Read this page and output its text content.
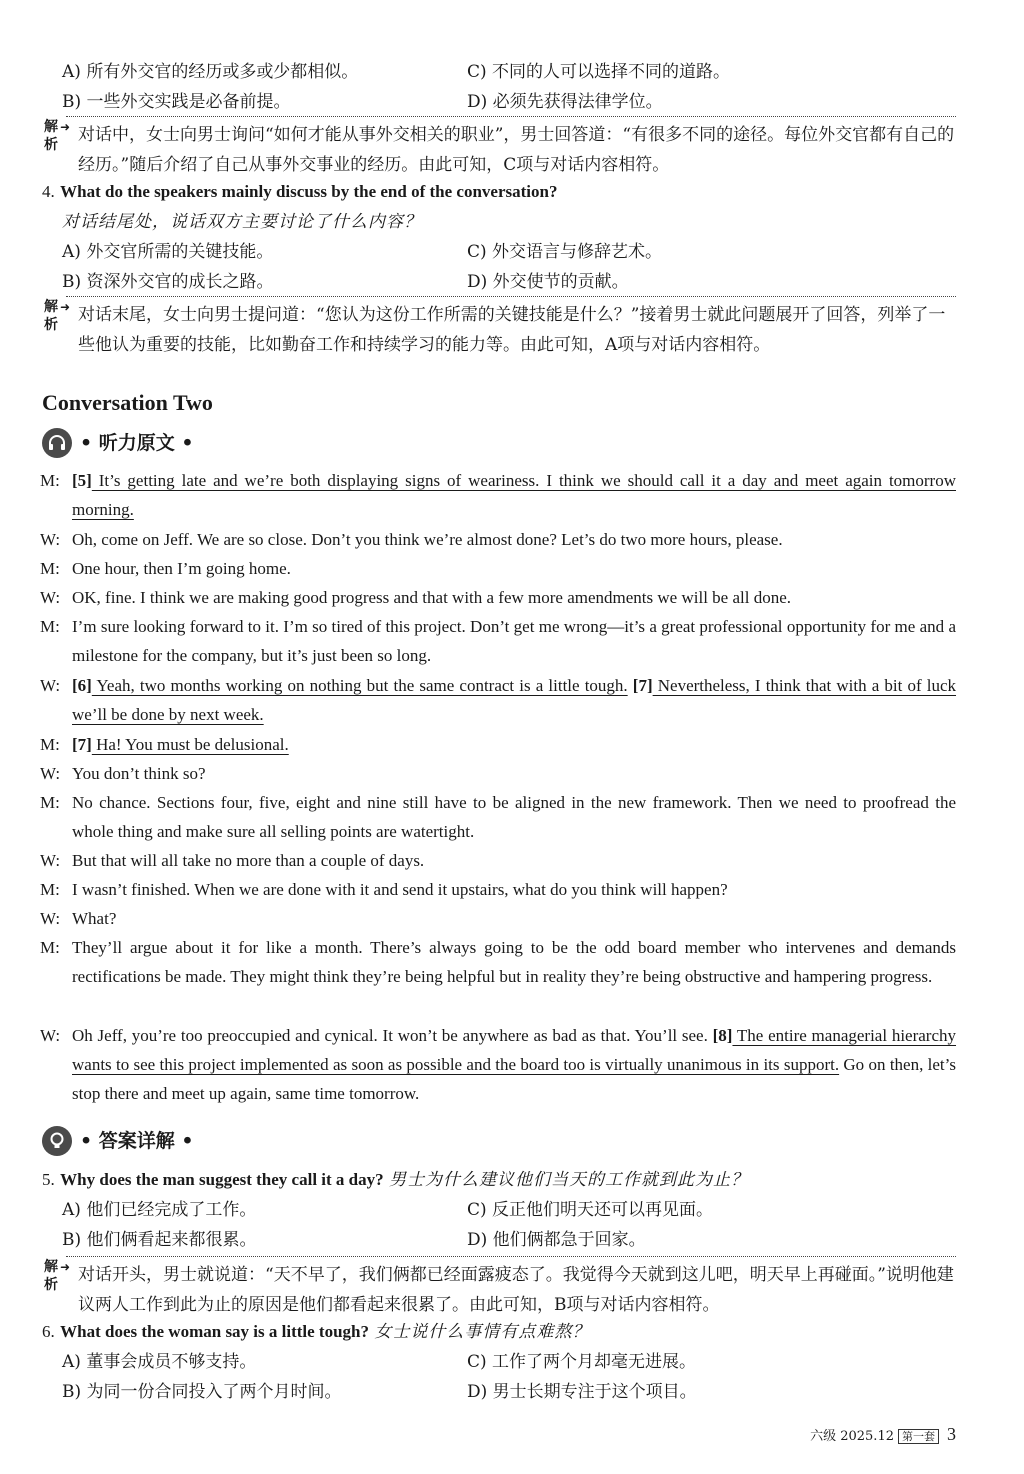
A) 所有外交官的经历或多或少都相似。	C) 不同的人可以选择不同的道路。
B) 一些外交实践是必备前提。	D) 必须先获得法律学位。
解析
➜ 对话中，女士向男士询问“如何才能从事外交相关的职业”，男士回答道：“有很多不同的途径。每位外交官都有自己的经历。”随后介绍了自己从事外交事业的经历。由此可知，C项与对话内容相符。
4. What do the speakers mainly discuss by the end of the conversation?
对话结尾处，说话双方主要讨论了什么内容？
A) 外交官所需的关键技能。	C) 外交语言与修辞艺术。
B) 资深外交官的成长之路。	D) 外交使节的贡献。
解析
➜ 对话末尾，女士向男士提问道：“您认为这份工作所需的关键技能是什么？”接着男士就此问题展开了回答，列举了一些他认为重要的技能，比如勤奋工作和持续学习的能力等。由此可知，A项与对话内容相符。
Conversation Two
• 听力原文 •
M: [5] It’s getting late and we’re both displaying signs of weariness. I think we should call it a day and meet again tomorrow morning.
W: Oh, come on Jeff. We are so close. Don’t you think we’re almost done? Let’s do two more hours, please.
M: One hour, then I’m going home.
W: OK, fine. I think we are making good progress and that with a few more amendments we will be all done.
M: I’m sure looking forward to it. I’m so tired of this project. Don’t get me wrong—it’s a great professional opportunity for me and a milestone for the company, but it’s just been so long.
W: [6] Yeah, two months working on nothing but the same contract is a little tough. [7] Nevertheless, I think that with a bit of luck we’ll be done by next week.
M: [7] Ha! You must be delusional.
W: You don’t think so?
M: No chance. Sections four, five, eight and nine still have to be aligned in the new framework. Then we need to proofread the whole thing and make sure all selling points are watertight.
W: But that will all take no more than a couple of days.
M: I wasn’t finished. When we are done with it and send it upstairs, what do you think will happen?
W: What?
M: They’ll argue about it for like a month. There’s always going to be the odd board member who intervenes and demands rectifications be made. They might think they’re being helpful but in reality they’re being obstructive and hampering progress.
W: Oh Jeff, you’re too preoccupied and cynical. It won’t be anywhere as bad as that. You’ll see. [8] The entire managerial hierarchy wants to see this project implemented as soon as possible and the board too is virtually unanimous in its support. Go on then, let’s stop there and meet up again, same time tomorrow.
• 答案详解 •
5. Why does the man suggest they call it a day? 男士为什么建议他们当天的工作就到此为止？
A) 他们已经完成了工作。	C) 反正他们明天还可以再见面。
B) 他们俩看起来都很累。	D) 他们俩都急于回家。
解析
➜ 对话开头，男士就说道：“天不早了，我们俩都已经面露疲态了。我觉得今天就到这儿吧，明天早上再碰面。”说明他建议两人工作到此为止的原因是他们都看起来很累了。由此可知，B项与对话内容相符。
6. What does the woman say is a little tough? 女士说什么事情有点难熬？
A) 董事会成员不够支持。	C) 工作了两个月却毫无进展。
B) 为同一份合同投入了两个月时间。	D) 男士长期专注于这个项目。
六级 2025.12 第一套 3
